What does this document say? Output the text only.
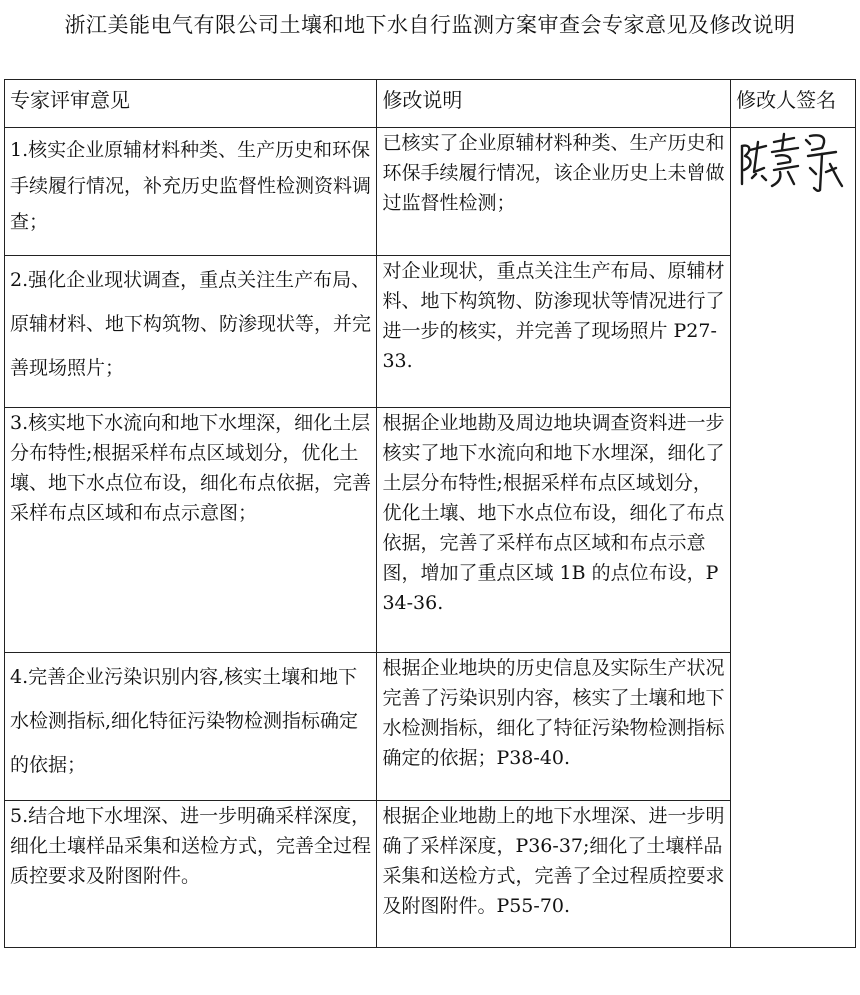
浙江美能电气有限公司土壤和地下水自行监测方案审查会专家意见及修改说明
专家评审意见	修改说明	修改人签名
1.核实企业原辅材料种类、生产历史和环保手续履行情况，补充历史监督性检测资料调查；	已核实了企业原辅材料种类、生产历史和环保手续履行情况，该企业历史上未曾做过监督性检测；	

2.强化企业现状调查，重点关注生产布局、原辅材料、地下构筑物、防渗现状等，并完善现场照片；	对企业现状，重点关注生产布局、原辅材料、地下构筑物、防渗现状等情况进行了进一步的核实，并完善了现场照片 P27-33.	
3.核实地下水流向和地下水埋深，细化土层分布特性;根据采样布点区域划分，优化土壤、地下水点位布设，细化布点依据，完善采样布点区域和布点示意图；	根据企业地勘及周边地块调查资料进一步核实了地下水流向和地下水埋深，细化了土层分布特性;根据采样布点区域划分，优化土壤、地下水点位布设，细化了布点依据，完善了采样布点区域和布点示意图，增加了重点区域 1B 的点位布设，P34-36.	
4.完善企业污染识别内容,核实土壤和地下水检测指标,细化特征污染物检测指标确定的依据；	根据企业地块的历史信息及实际生产状况完善了污染识别内容，核实了土壤和地下水检测指标，细化了特征污染物检测指标确定的依据；P38-40.	
5.结合地下水埋深、进一步明确采样深度，细化土壤样品采集和送检方式，完善全过程质控要求及附图附件。	根据企业地勘上的地下水埋深、进一步明确了采样深度，P36-37;细化了土壤样品采集和送检方式，完善了全过程质控要求及附图附件。P55-70.	
